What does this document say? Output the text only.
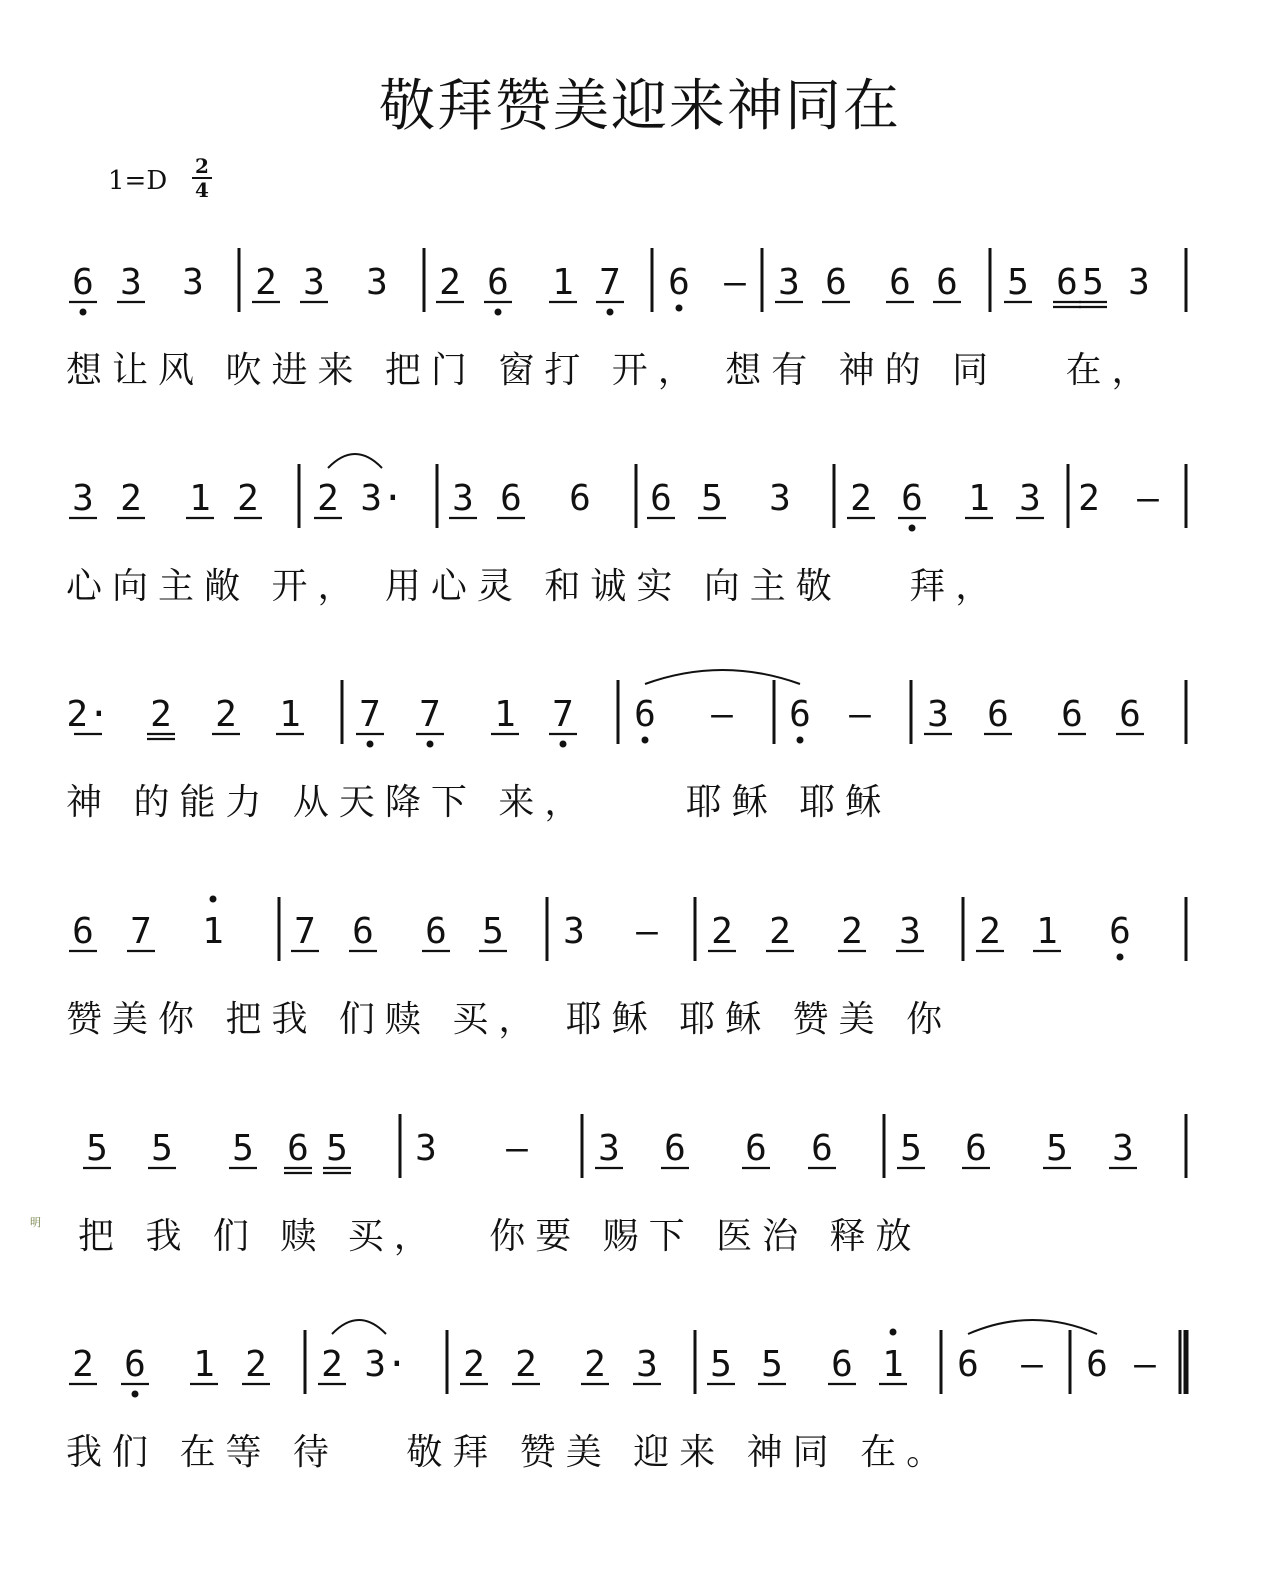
敬拜赞美迎来神同在
$1=D \frac{2}{4}$
明
6 3 3 2 3 3 2 6 1 7 6 – 3 6 6 6 5 6 5 3
想让风 吹进来 把门 窗打 开， 想有 神的 同　 在，
3 2 1 2 2 3· 3 6 6 6 5 3 2 6 1 3 2 –
心向主敞 开， 用心灵 和诚实 向主敬　 拜，
2· 2 2 1 7 7 1 7 6 – 6 – 3 6 6 6
神 的能力 从天降下 来，　　 耶稣 耶稣
6 7 1 7 6 6 5 3 – 2 2 2 3 2 1 6
赞美你 把我 们赎 买， 耶稣 耶稣 赞美 你
5 5 5 6 5 3 – 3 6 6 6 5 6 5 3
把 我 们 赎 买，　 你要 赐下 医治 释放
2 6 1 2 2 3· 2 2 2 3 5 5 6 1 6 – 6 –
我们 在等 待　 敬拜 赞美 迎来 神同 在。
